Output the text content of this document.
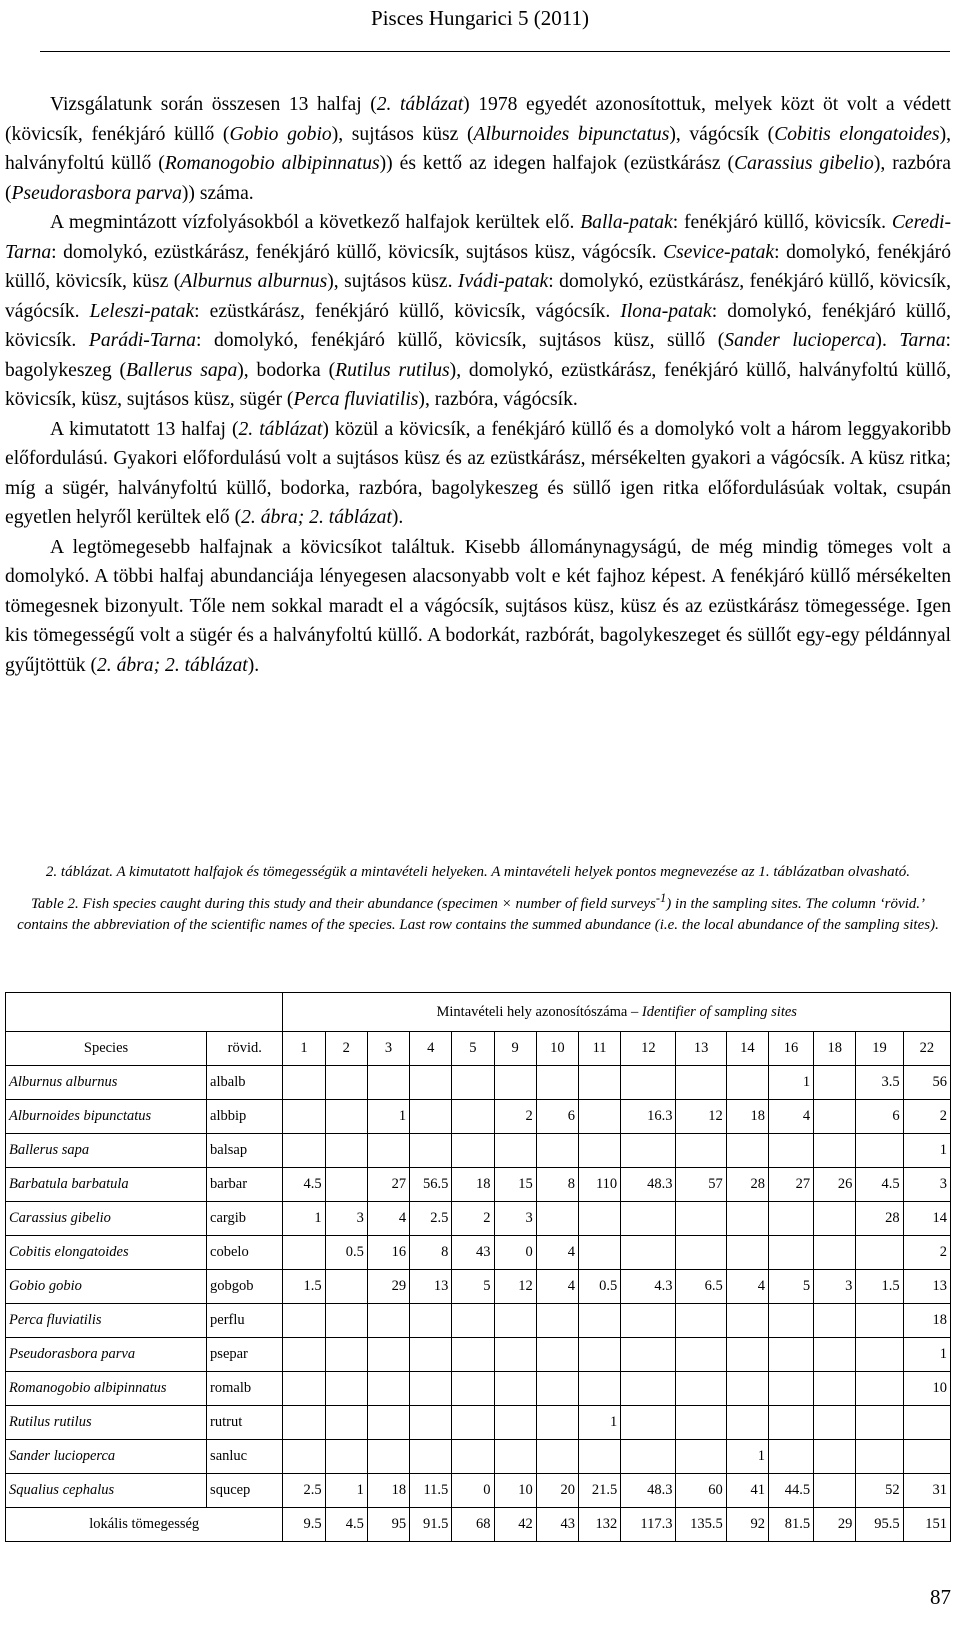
Pisces Hungarici 5 (2011)

Vizsgálatunk során összesen 13 halfaj (2. táblázat) 1978 egyedét azonosítottuk, melyek közt öt volt a védett (kövicsík, fenékjáró küllő (Gobio gobio), sujtásos küsz (Alburnoides bipunctatus), vágócsík (Cobitis elongatoides), halványfoltú küllő (Romanogobio albipinnatus)) és kettő az idegen halfajok (ezüstkárász (Carassius gibelio), razbóra (Pseudorasbora parva)) száma.

A megmintázott vízfolyásokból a következő halfajok kerültek elő. Balla-patak: fenékjáró küllő, kövicsík. Ceredi-Tarna: domolykó, ezüstkárász, fenékjáró küllő, kövicsík, sujtásos küsz, vágócsík. Csevice-patak: domolykó, fenékjáró küllő, kövicsík, küsz (Alburnus alburnus), sujtásos küsz. Ivádi-patak: domolykó, ezüstkárász, fenékjáró küllő, kövicsík, vágócsík. Leleszi-patak: ezüstkárász, fenékjáró küllő, kövicsík, vágócsík. Ilona-patak: domolykó, fenékjáró küllő, kövicsík. Parádi-Tarna: domolykó, fenékjáró küllő, kövicsík, sujtásos küsz, süllő (Sander lucioperca). Tarna: bagolykeszeg (Ballerus sapa), bodorka (Rutilus rutilus), domolykó, ezüstkárász, fenékjáró küllő, halványfoltú küllő, kövicsík, küsz, sujtásos küsz, sügér (Perca fluviatilis), razbóra, vágócsík.

A kimutatott 13 halfaj (2. táblázat) közül a kövicsík, a fenékjáró küllő és a domolykó volt a három leggyakoribb előfordulású. Gyakori előfordulású volt a sujtásos küsz és az ezüstkárász, mérsékelten gyakori a vágócsík. A küsz ritka; míg a sügér, halványfoltú küllő, bodorka, razbóra, bagolykeszeg és süllő igen ritka előfordulásúak voltak, csupán egyetlen helyről kerültek elő (2. ábra; 2. táblázat).

A legtömegesebb halfajnak a kövicsíkot találtuk. Kisebb állománynagyságú, de még mindig tömeges volt a domolykó. A többi halfaj abundanciája lényegesen alacsonyabb volt e két fajhoz képest. A fenékjáró küllő mérsékelten tömegesnek bizonyult. Tőle nem sokkal maradt el a vágócsík, sujtásos küsz, küsz és az ezüstkárász tömegessége. Igen kis tömegességű volt a sügér és a halványfoltú küllő. A bodorkát, razbórát, bagolykeszeget és süllőt egy-egy példánnyal gyűjtöttük (2. ábra; 2. táblázat).

2. táblázat. A kimutatott halfajok és tömegességük a mintavételi helyeken. A mintavételi helyek pontos megnevezése az 1. táblázatban olvasható.

Table 2. Fish species caught during this study and their abundance (specimen × number of field surveys$^{-1}$) in the sampling sites. The column ‘rövid.’ contains the abbreviation of the scientific names of the species. Last row contains the summed abundance (i.e. the local abundance of the sampling sites).

		Mintavételi hely azonosítószáma – Identifier of sampling sites														
Species	rövid.	1	2	3	4	5	9	10	11	12	13	14	16	18	19	22
Alburnus alburnus	albalb												1		3.5	56
Alburnoides bipunctatus	albbip			1			2	6		16.3	12	18	4		6	2
Ballerus sapa	balsap															1
Barbatula barbatula	barbar	4.5		27	56.5	18	15	8	110	48.3	57	28	27	26	4.5	3
Carassius gibelio	cargib	1	3	4	2.5	2	3								28	14
Cobitis elongatoides	cobelo		0.5	16	8	43	0	4								2
Gobio gobio	gobgob	1.5		29	13	5	12	4	0.5	4.3	6.5	4	5	3	1.5	13
Perca fluviatilis	perflu															18
Pseudorasbora parva	psepar															1
Romanogobio albipinnatus	romalb															10
Rutilus rutilus	rutrut								1							
Sander lucioperca	sanluc											1				
Squalius cephalus	squcep	2.5	1	18	11.5	0	10	20	21.5	48.3	60	41	44.5		52	31
lokális tömegesség		9.5	4.5	95	91.5	68	42	43	132	117.3	135.5	92	81.5	29	95.5	151
87
